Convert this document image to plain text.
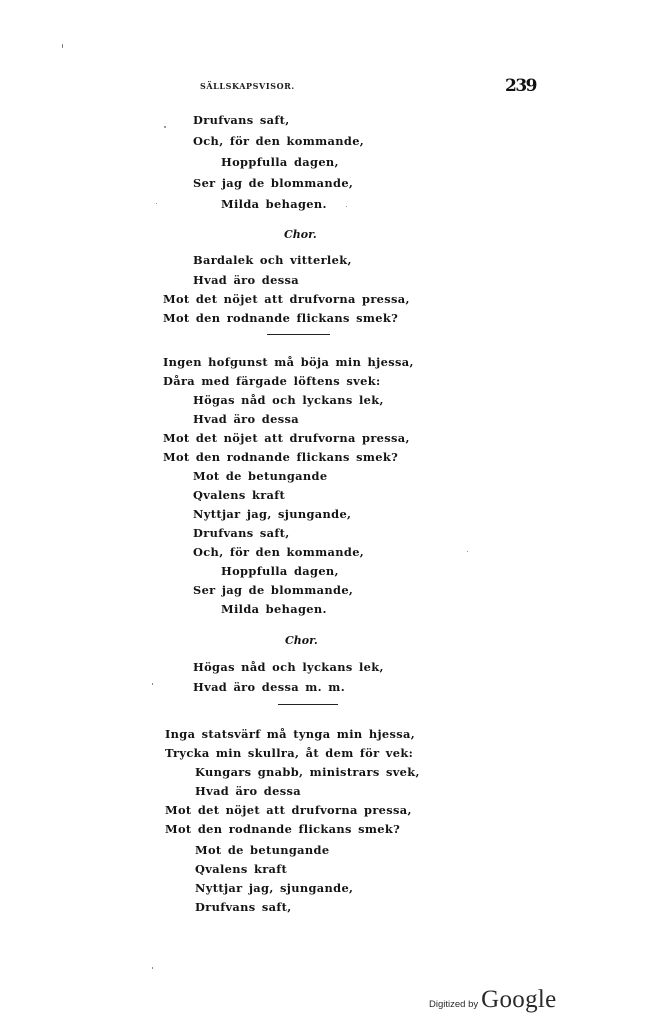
SÄLLSKAPSVISOR.	239
Drufvans saft,
Och, för den kommande,
Hoppfulla dagen,
Ser jag de blommande,
Milda behagen.
Chor.
Bardalek och vitterlek,
Hvad äro dessa
Mot det nöjet att drufvorna pressa,
Mot den rodnande flickans smek?
Ingen hofgunst må böja min hjessa,
Dåra med färgade löftens svek:
Högas nåd och lyckans lek,
Hvad äro dessa
Mot det nöjet att drufvorna pressa,
Mot den rodnande flickans smek?
Mot de betungande
Qvalens kraft
Nyttjar jag, sjungande,
Drufvans saft,
Och, för den kommande,
Hoppfulla dagen,
Ser jag de blommande,
Milda behagen.
Chor.
Högas nåd och lyckans lek,
Hvad äro dessa m. m.
Inga statsvärf må tynga min hjessa,
Trycka min skullra, åt dem för vek:
Kungars gnabb, ministrars svek,
Hvad äro dessa
Mot det nöjet att drufvorna pressa,
Mot den rodnande flickans smek?
Mot de betungande
Qvalens kraft
Nyttjar jag, sjungande,
Drufvans saft,
Digitized by Google
